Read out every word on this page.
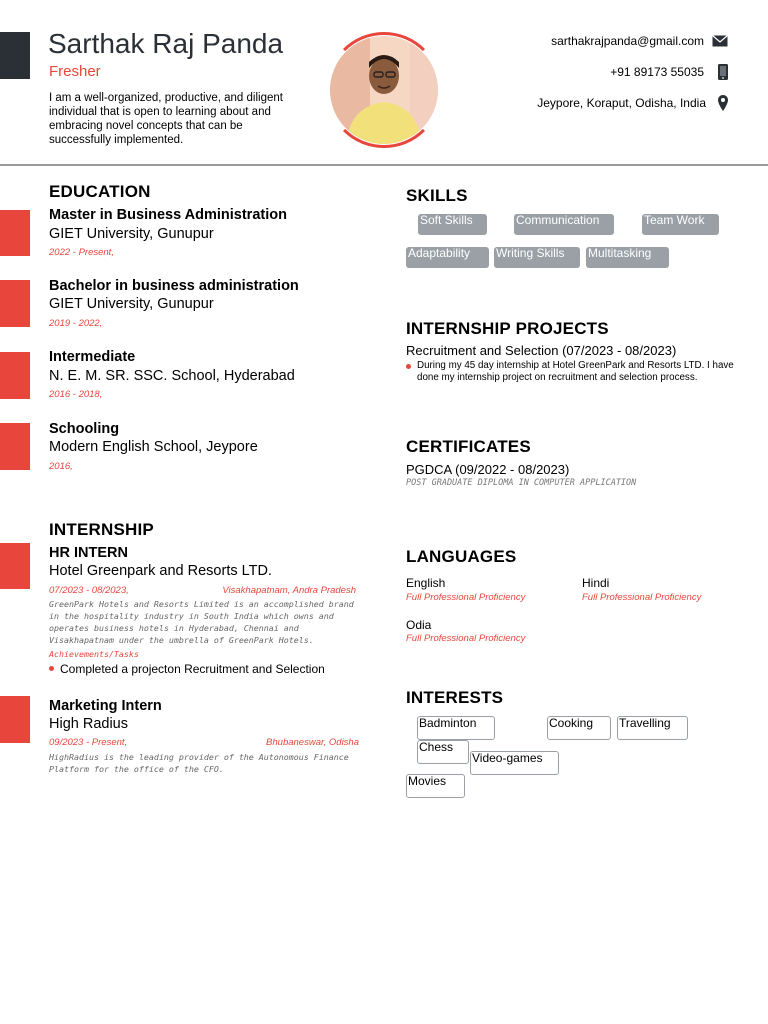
Sarthak Raj Panda
Fresher
I am a well-organized, productive, and diligent individual that is open to learning about and embracing novel concepts that can be successfully implemented.
sarthakrajpanda@gmail.com
+91 89173 55035
Jeypore, Koraput, Odisha, India
EDUCATION
Master in Business Administration
GIET University, Gunupur
2022 - Present,
Bachelor in business administration
GIET University, Gunupur
2019 - 2022,
Intermediate
N. E. M. SR. SSC. School, Hyderabad
2016 - 2018,
Schooling
Modern English School, Jeypore
2016,
INTERNSHIP
HR INTERN
Hotel Greenpark and Resorts LTD.
07/2023 - 08/2023,	Visakhapatnam, Andra Pradesh
GreenPark Hotels and Resorts Limited is an accomplished brand in the hospitality industry in South India which owns and operates business hotels in Hyderabad, Chennai and Visakhapatnam under the umbrella of GreenPark Hotels.
Achievements/Tasks
Completed a projecton Recruitment and Selection
Marketing Intern
High Radius
09/2023 - Present,	Bhubaneswar, Odisha
HighRadius is the leading provider of the Autonomous Finance Platform for the office of the CFO.
SKILLS
Soft Skills	Communication	Team Work
Adaptability	Writing Skills	Multitasking
INTERNSHIP PROJECTS
Recruitment and Selection (07/2023 - 08/2023)
During my 45 day internship at Hotel GreenPark and Resorts LTD. I have done my internship project on recruitment and selection process.
CERTIFICATES
PGDCA (09/2022 - 08/2023)
POST GRADUATE DIPLOMA IN COMPUTER APPLICATION
LANGUAGES
English
Full Professional Proficiency
Hindi
Full Professional Proficiency
Odia
Full Professional Proficiency
INTERESTS
Badminton	Cooking	Travelling
Chess
Video-games
Movies
